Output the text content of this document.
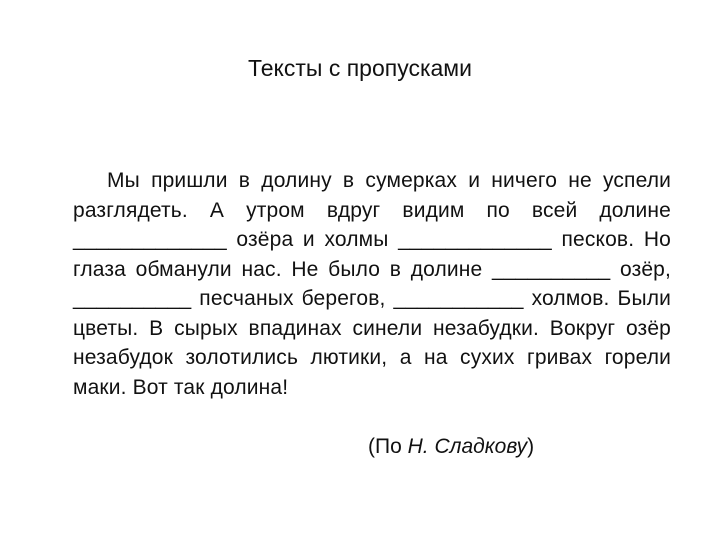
Тексты с пропусками

Мы пришли в долину в сумерках и ничего не успели разглядеть. А утром вдруг видим по всей долине _____________ озёра и холмы _____________ песков. Но глаза обманули нас. Не было в долине __________ озёр, __________ песчаных берегов, ___________ холмов. Были цветы. В сырых впадинах синели незабудки. Вокруг озёр незабудок золотились лютики, а на сухих гривах горели маки. Вот так долина!

(По Н. Сладкову)
